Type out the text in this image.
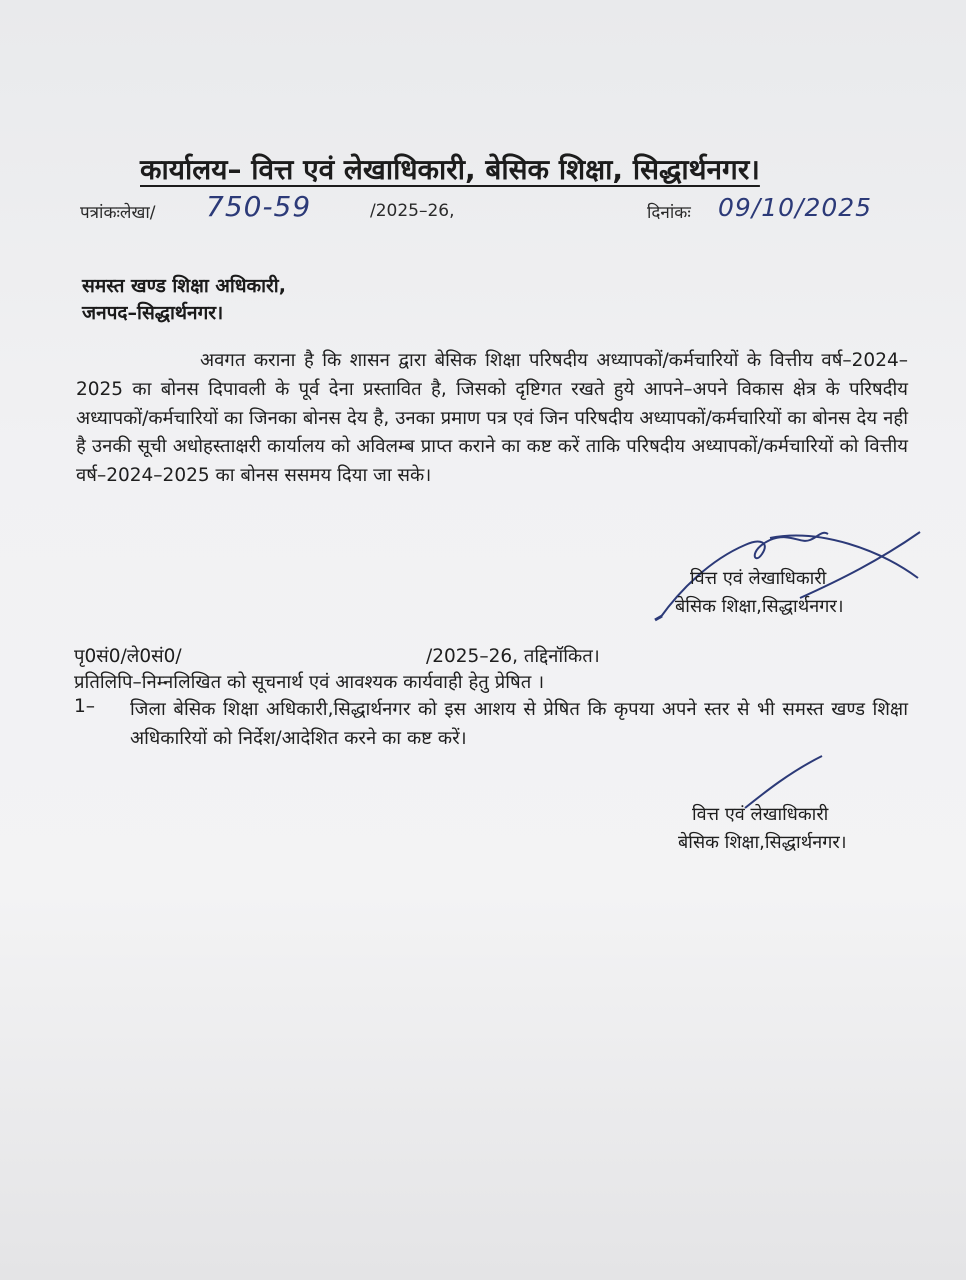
कार्यालय– वित्त एवं लेखाधिकारी, बेसिक शिक्षा, सिद्धार्थनगर।
पत्रांकःलेखा/ 750-59	/2025–26,	दिनांकः 09/10/2025
समस्त खण्ड शिक्षा अधिकारी,
जनपद–सिद्धार्थनगर।
अवगत कराना है कि शासन द्वारा बेसिक शिक्षा परिषदीय अध्यापकों/कर्मचारियों के वित्तीय वर्ष–2024–2025 का बोनस दिपावली के पूर्व देना प्रस्तावित है, जिसको दृष्टिगत रखते हुये आपने–अपने विकास क्षेत्र के परिषदीय अध्यापकों/कर्मचारियों का जिनका बोनस देय है, उनका प्रमाण पत्र एवं जिन परिषदीय अध्यापकों/कर्मचारियों का बोनस देय नही है उनकी सूची अधोहस्ताक्षरी कार्यालय को अविलम्ब प्राप्त कराने का कष्ट करें ताकि परिषदीय अध्यापकों/कर्मचारियों को वित्तीय वर्ष–2024–2025 का बोनस ससमय दिया जा सके।
वित्त एवं लेखाधिकारी
बेसिक शिक्षा,सिद्धार्थनगर।
पृ0सं0/ले0सं0/	/2025–26, तद्दिनॉकित।
प्रतिलिपि–निम्नलिखित को सूचनार्थ एवं आवश्यक कार्यवाही हेतु प्रेषित ।
1– जिला बेसिक शिक्षा अधिकारी,सिद्धार्थनगर को इस आशय से प्रेषित कि कृपया अपने स्तर से भी समस्त खण्ड शिक्षा अधिकारियों को निर्देश/आदेशित करने का कष्ट करें।
वित्त एवं लेखाधिकारी
बेसिक शिक्षा,सिद्धार्थनगर।
